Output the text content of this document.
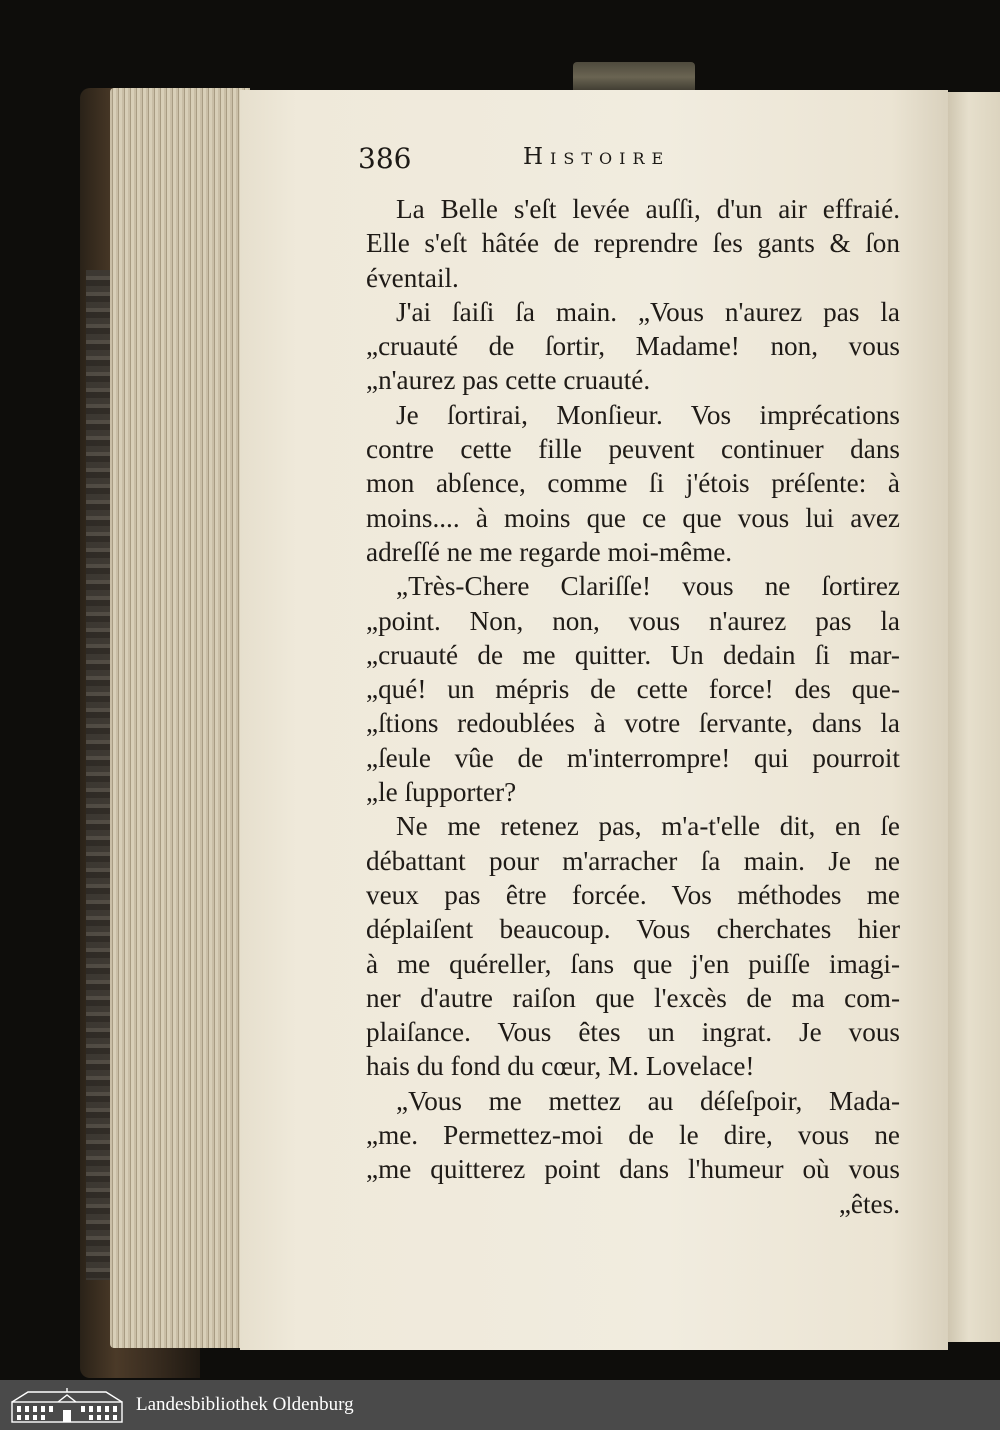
386	Histoire
La Belle s'eſt levée auſſi, d'un air effraié.
Elle s'eſt hâtée de reprendre ſes gants & ſon
éventail.
J'ai ſaiſi ſa main. „Vous n'aurez pas la
„cruauté de ſortir, Madame! non, vous
„n'aurez pas cette cruauté.
Je ſortirai, Monſieur. Vos imprécations
contre cette fille peuvent continuer dans
mon abſence, comme ſi j'étois préſente: à
moins.... à moins que ce que vous lui avez
adreſſé ne me regarde moi-même.
„Très-Chere Clariſſe! vous ne ſortirez
„point. Non, non, vous n'aurez pas la
„cruauté de me quitter. Un dedain ſi mar-
„qué! un mépris de cette force! des que-
„ſtions redoublées à votre ſervante, dans la
„ſeule vûe de m'interrompre! qui pourroit
„le ſupporter?
Ne me retenez pas, m'a-t'elle dit, en ſe
débattant pour m'arracher ſa main. Je ne
veux pas être forcée. Vos méthodes me
déplaiſent beaucoup. Vous cherchates hier
à me quéreller, ſans que j'en puiſſe imagi-
ner d'autre raiſon que l'excès de ma com-
plaiſance. Vous êtes un ingrat. Je vous
hais du fond du cœur, M. Lovelace!
„Vous me mettez au déſeſpoir, Mada-
„me. Permettez-moi de le dire, vous ne
„me quitterez point dans l'humeur où vous
„êtes.
Landesbibliothek Oldenburg
